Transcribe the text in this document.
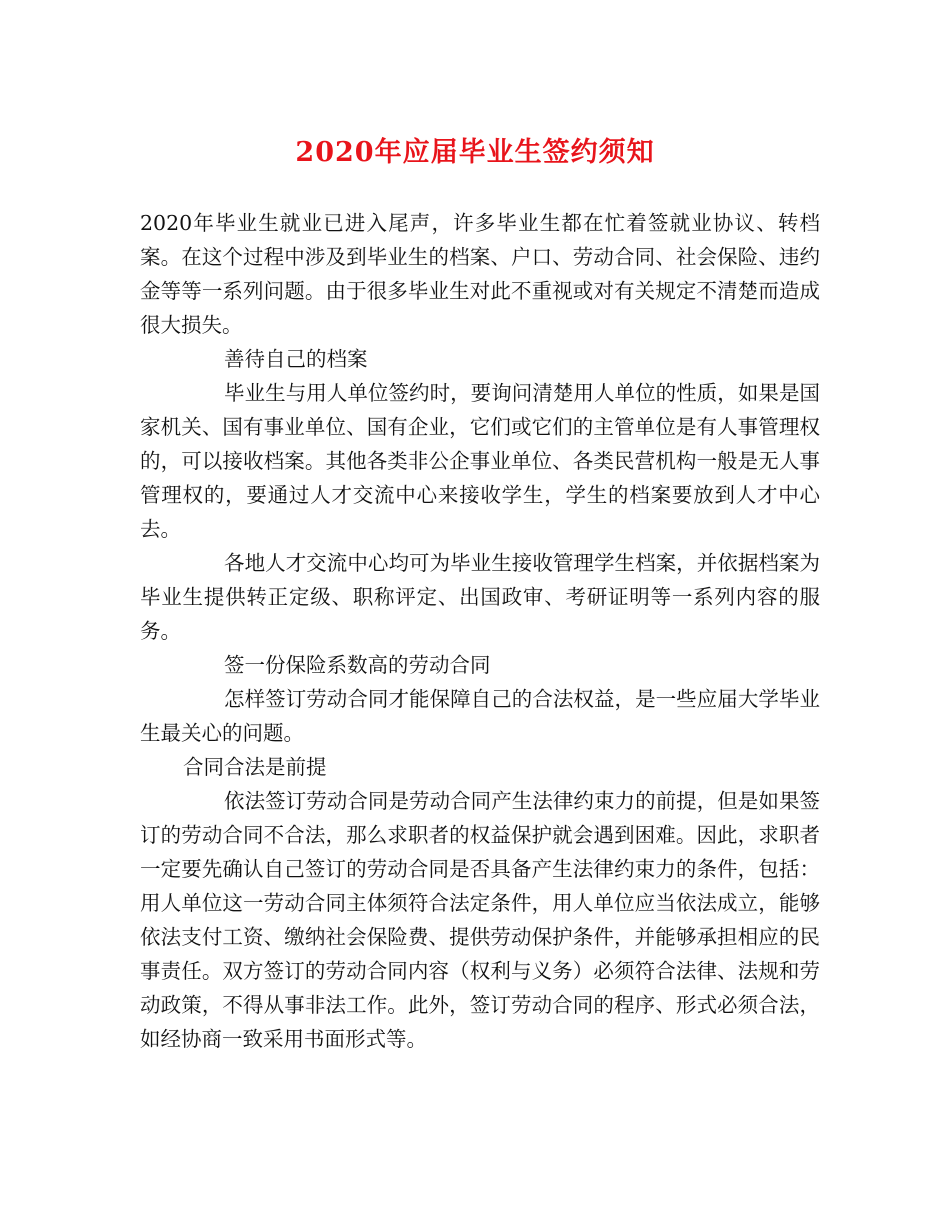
2020年应届毕业生签约须知

2020年毕业生就业已进入尾声，许多毕业生都在忙着签就业协议、转档案。在这个过程中涉及到毕业生的档案、户口、劳动合同、社会保险、违约金等等一系列问题。由于很多毕业生对此不重视或对有关规定不清楚而造成很大损失。

善待自己的档案

毕业生与用人单位签约时，要询问清楚用人单位的性质，如果是国家机关、国有事业单位、国有企业，它们或它们的主管单位是有人事管理权的，可以接收档案。其他各类非公企事业单位、各类民营机构一般是无人事管理权的，要通过人才交流中心来接收学生，学生的档案要放到人才中心去。

各地人才交流中心均可为毕业生接收管理学生档案，并依据档案为毕业生提供转正定级、职称评定、出国政审、考研证明等一系列内容的服务。

签一份保险系数高的劳动合同

怎样签订劳动合同才能保障自己的合法权益，是一些应届大学毕业生最关心的问题。

合同合法是前提

依法签订劳动合同是劳动合同产生法律约束力的前提，但是如果签订的劳动合同不合法，那么求职者的权益保护就会遇到困难。因此，求职者一定要先确认自己签订的劳动合同是否具备产生法律约束力的条件，包括：用人单位这一劳动合同主体须符合法定条件，用人单位应当依法成立，能够依法支付工资、缴纳社会保险费、提供劳动保护条件，并能够承担相应的民事责任。双方签订的劳动合同内容（权利与义务）必须符合法律、法规和劳动政策，不得从事非法工作。此外，签订劳动合同的程序、形式必须合法，如经协商一致采用书面形式等。
